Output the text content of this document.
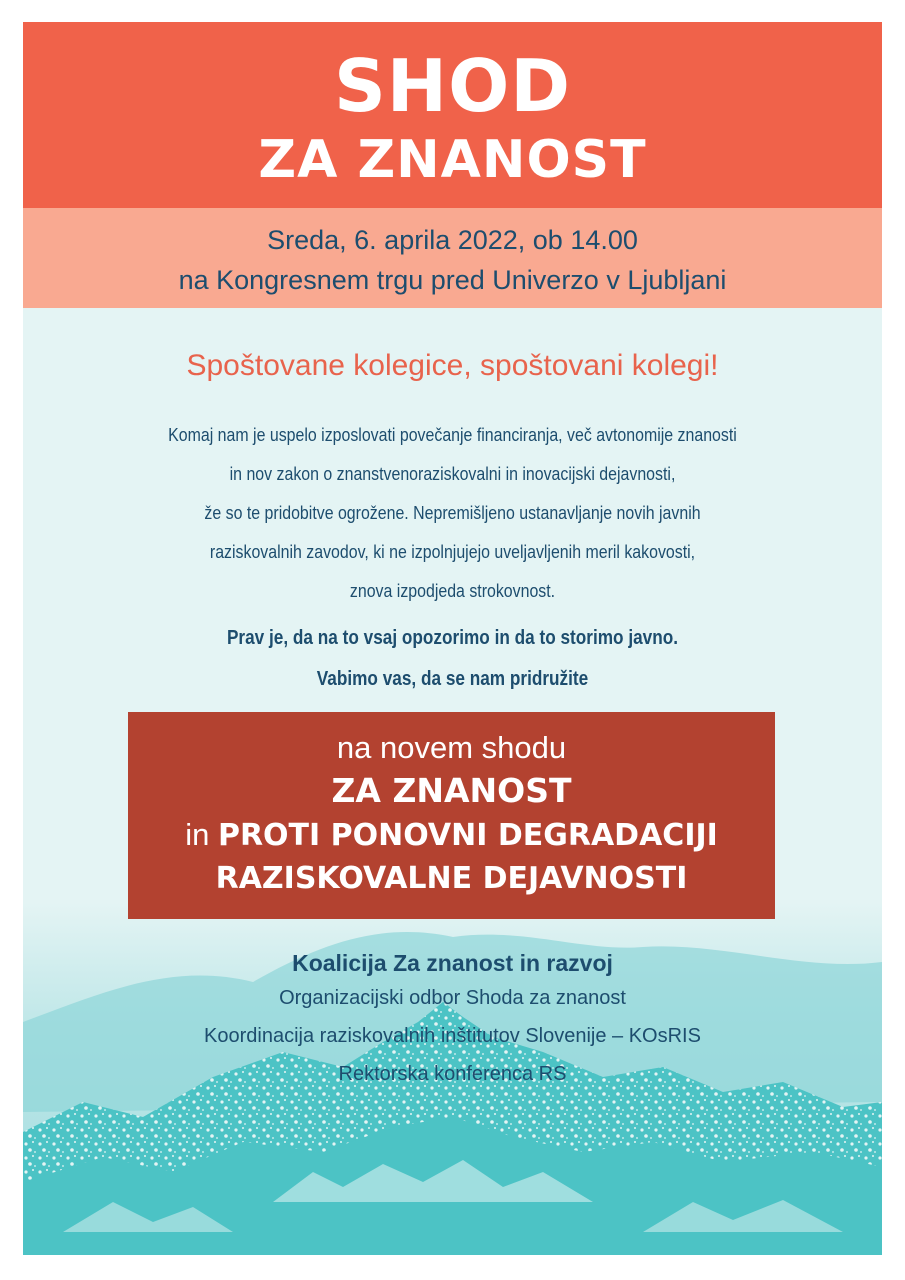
SHOD
ZA ZNANOST
Sreda, 6. aprila 2022, ob 14.00
na Kongresnem trgu pred Univerzo v Ljubljani
Spoštovane kolegice, spoštovani kolegi!
Komaj nam je uspelo izposlovati povečanje financiranja, več avtonomije znanosti
in nov zakon o znanstvenoraziskovalni in inovacijski dejavnosti,
že so te pridobitve ogrožene. Nepremišljeno ustanavljanje novih javnih
raziskovalnih zavodov, ki ne izpolnjujejo uveljavljenih meril kakovosti,
znova izpodjeda strokovnost.
Prav je, da na to vsaj opozorimo in da to storimo javno.
Vabimo vas, da se nam pridružite
Koalicija Za znanost in razvoj
Organizacijski odbor Shoda za znanost
Koordinacija raziskovalnih inštitutov Slovenije – KOsRIS
Rektorska konferenca RS
na novem shodu
ZA ZNANOST
in PROTI PONOVNI DEGRADACIJI
RAZISKOVALNE DEJAVNOSTI
